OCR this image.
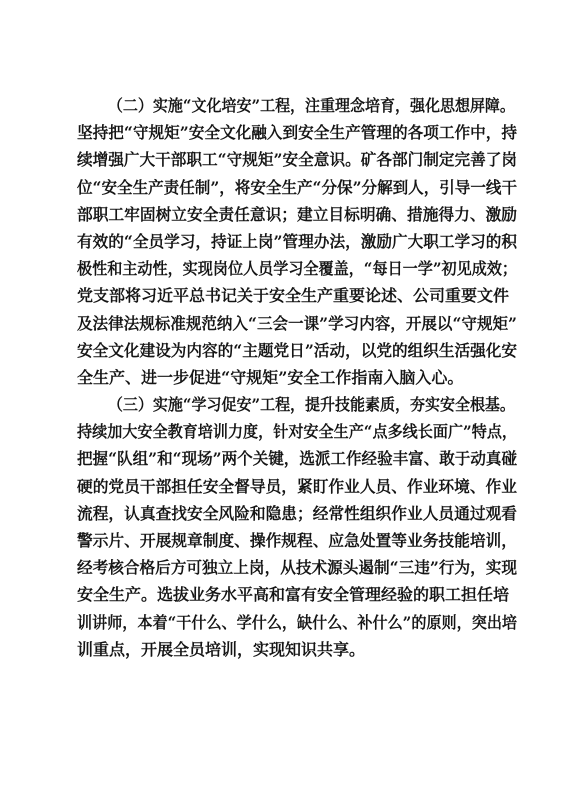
（二）实施“文化培安”工程，注重理念培育，强化思想屏障。
坚持把“守规矩”安全文化融入到安全生产管理的各项工作中，持
续增强广大干部职工“守规矩”安全意识。矿各部门制定完善了岗
位“安全生产责任制”，将安全生产“分保”分解到人，引导一线干
部职工牢固树立安全责任意识；建立目标明确、措施得力、激励
有效的“全员学习，持证上岗”管理办法，激励广大职工学习的积
极性和主动性，实现岗位人员学习全覆盖，“每日一学”初见成效；
党支部将习近平总书记关于安全生产重要论述、公司重要文件
及法律法规标准规范纳入“三会一课”学习内容，开展以“守规矩”
安全文化建设为内容的“主题党日”活动，以党的组织生活强化安
全生产、进一步促进“守规矩”安全工作指南入脑入心。
（三）实施“学习促安”工程，提升技能素质，夯实安全根基。
持续加大安全教育培训力度，针对安全生产“点多线长面广”特点，
把握“队组”和“现场”两个关键，选派工作经验丰富、敢于动真碰
硬的党员干部担任安全督导员，紧盯作业人员、作业环境、作业
流程，认真查找安全风险和隐患；经常性组织作业人员通过观看
警示片、开展规章制度、操作规程、应急处置等业务技能培训，
经考核合格后方可独立上岗，从技术源头遏制“三违”行为，实现
安全生产。选拔业务水平高和富有安全管理经验的职工担任培
训讲师，本着“干什么、学什么，缺什么、补什么”的原则，突出培
训重点，开展全员培训，实现知识共享。
